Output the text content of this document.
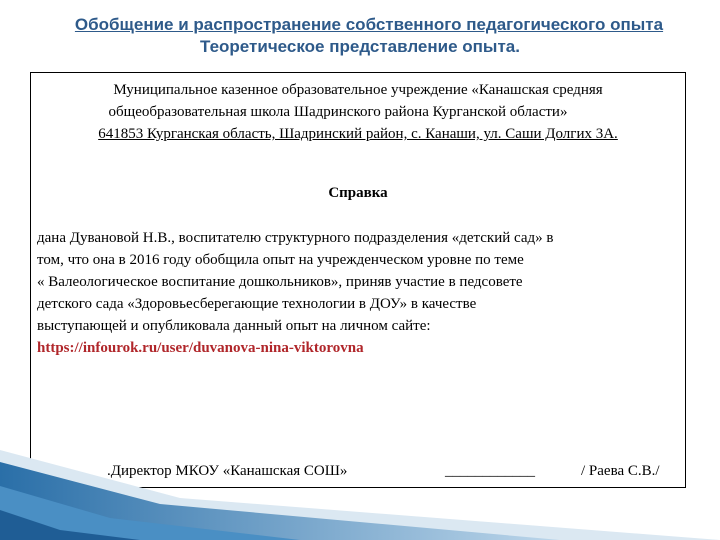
Обобщение и распространение собственного педагогического опыта
Теоретическое представление опыта.
Муниципальное казенное образовательное учреждение «Канашская средняя
общеобразовательная школа Шадринского района Курганской области»
641853 Курганская область, Шадринский район, с. Канаши, ул. Саши Долгих 3А.
Справка
дана Дувановой Н.В., воспитателю структурного подразделения «детский сад» в
том, что она в 2016 году обобщила опыт на учрежденческом уровне по теме
« Валеологическое воспитание дошкольников», приняв участие в педсовете
детского сада «Здоровьесберегающие технологии в ДОУ» в качестве
выступающей и опубликовала данный опыт на личном сайте:
https://infourok.ru/user/duvanova-nina-viktorovna
.Директор МКОУ «Канашская СОШ»	____________	/ Раева С.В./
